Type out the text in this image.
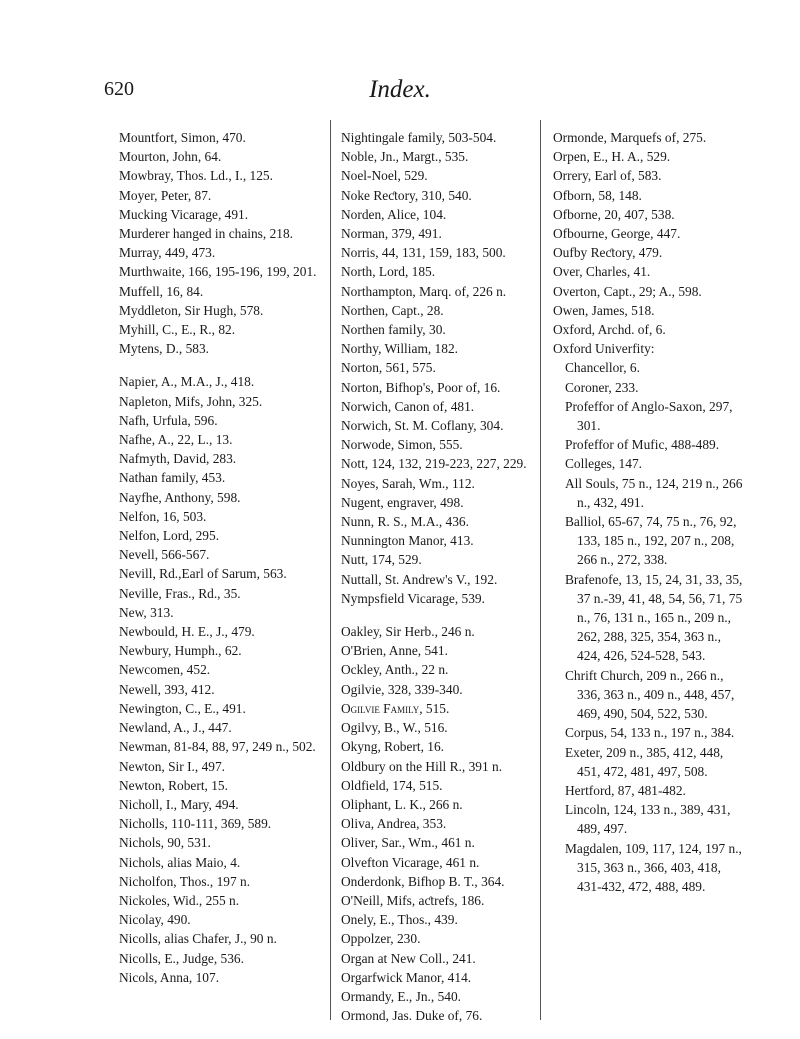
620	Index.
Mountfort, Simon, 470.
Mourton, John, 64.
Mowbray, Thos. Ld., I., 125.
Moyer, Peter, 87.
Mucking Vicarage, 491.
Murderer hanged in chains, 218.
Murray, 449, 473.
Murthwaite, 166, 195-196, 199, 201.
Muffell, 16, 84.
Myddleton, Sir Hugh, 578.
Myhill, C., E., R., 82.
Mytens, D., 583.
Napier, A., M.A., J., 418.
Napleton, Mifs, John, 325.
Nafh, Urfula, 596.
Nafhe, A., 22, L., 13.
Nafmyth, David, 283.
Nathan family, 453.
Nayfhe, Anthony, 598.
Nelfon, 16, 503.
Nelfon, Lord, 295.
Nevell, 566-567.
Nevill, Rd.,Earl of Sarum, 563.
Neville, Fras., Rd., 35.
New, 313.
Newbould, H. E., J., 479.
Newbury, Humph., 62.
Newcomen, 452.
Newell, 393, 412.
Newington, C., E., 491.
Newland, A., J., 447.
Newman, 81-84, 88, 97, 249 n., 502.
Newton, Sir I., 497.
Newton, Robert, 15.
Nicholl, I., Mary, 494.
Nicholls, 110-111, 369, 589.
Nichols, 90, 531.
Nichols, alias Maio, 4.
Nicholfon, Thos., 197 n.
Nickoles, Wid., 255 n.
Nicolay, 490.
Nicolls, alias Chafer, J., 90 n.
Nicolls, E., Judge, 536.
Nicols, Anna, 107.
Nightingale family, 503-504.
Noble, Jn., Margt., 535.
Noel-Noel, 529.
Noke Reƈtory, 310, 540.
Norden, Alice, 104.
Norman, 379, 491.
Norris, 44, 131, 159, 183, 500.
North, Lord, 185.
Northampton, Marq. of, 226 n.
Northen, Capt., 28.
Northen family, 30.
Northy, William, 182.
Norton, 561, 575.
Norton, Bifhop's, Poor of, 16.
Norwich, Canon of, 481.
Norwich, St. M. Coflany, 304.
Norwode, Simon, 555.
Nott, 124, 132, 219-223, 227, 229.
Noyes, Sarah, Wm., 112.
Nugent, engraver, 498.
Nunn, R. S., M.A., 436.
Nunnington Manor, 413.
Nutt, 174, 529.
Nuttall, St. Andrew's V., 192.
Nympsfield Vicarage, 539.
Oakley, Sir Herb., 246 n.
O'Brien, Anne, 541.
Ockley, Anth., 22 n.
Ogilvie, 328, 339-340.
Ogilvie Family, 515.
Ogilvy, B., W., 516.
Okyng, Robert, 16.
Oldbury on the Hill R., 391 n.
Oldfield, 174, 515.
Oliphant, L. K., 266 n.
Oliva, Andrea, 353.
Oliver, Sar., Wm., 461 n.
Olvefton Vicarage, 461 n.
Onderdonk, Bifhop B. T., 364.
O'Neill, Mifs, aƈtrefs, 186.
Onely, E., Thos., 439.
Oppolzer, 230.
Organ at New Coll., 241.
Orgarfwick Manor, 414.
Ormandy, E., Jn., 540.
Ormond, Jas. Duke of, 76.
Ormonde, Marquefs of, 275.
Orpen, E., H. A., 529.
Orrery, Earl of, 583.
Ofborn, 58, 148.
Ofborne, 20, 407, 538.
Ofbourne, George, 447.
Oufby Reƈtory, 479.
Over, Charles, 41.
Overton, Capt., 29; A., 598.
Owen, James, 518.
Oxford, Archd. of, 6.
Oxford Univerfity:
Chancellor, 6.
Coroner, 233.
Profeffor of Anglo-Saxon, 297, 301.
Profeffor of Mufic, 488-489.
Colleges, 147.
All Souls, 75 n., 124, 219 n., 266 n., 432, 491.
Balliol, 65-67, 74, 75 n., 76, 92, 133, 185 n., 192, 207 n., 208, 266 n., 272, 338.
Brafenofe, 13, 15, 24, 31, 33, 35, 37 n.-39, 41, 48, 54, 56, 71, 75 n., 76, 131 n., 165 n., 209 n., 262, 288, 325, 354, 363 n., 424, 426, 524-528, 543.
Chrift Church, 209 n., 266 n., 336, 363 n., 409 n., 448, 457, 469, 490, 504, 522, 530.
Corpus, 54, 133 n., 197 n., 384.
Exeter, 209 n., 385, 412, 448, 451, 472, 481, 497, 508.
Hertford, 87, 481-482.
Lincoln, 124, 133 n., 389, 431, 489, 497.
Magdalen, 109, 117, 124, 197 n., 315, 363 n., 366, 403, 418, 431-432, 472, 488, 489.
